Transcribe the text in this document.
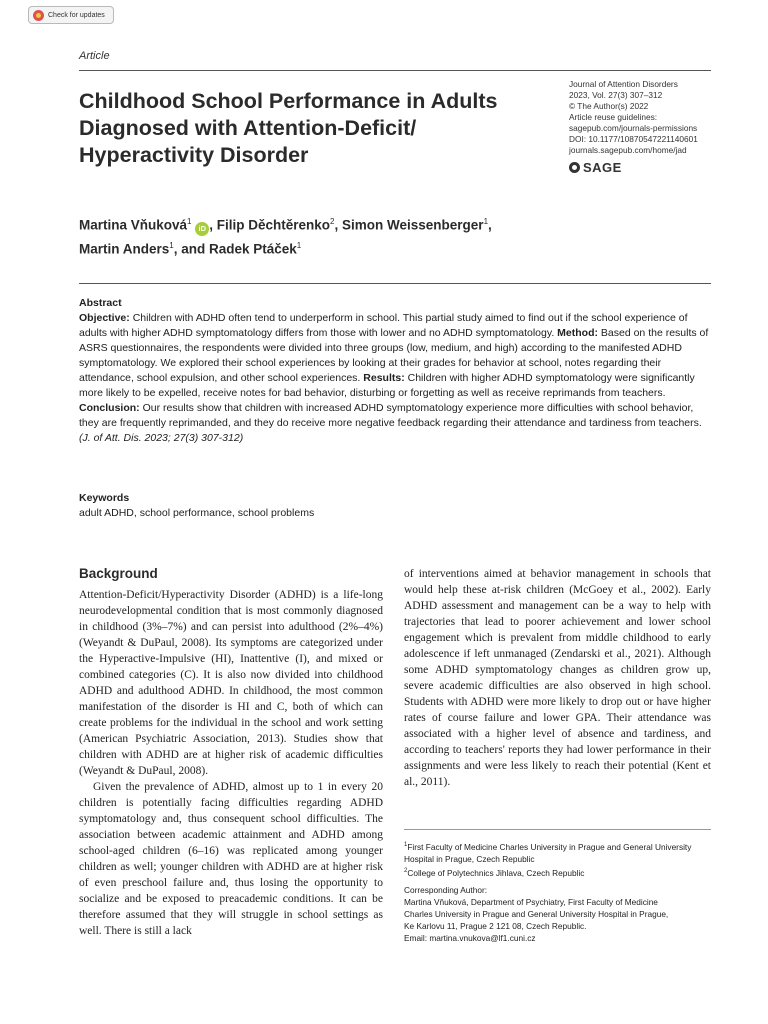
Check for updates
Article
Childhood School Performance in Adults Diagnosed with Attention-Deficit/ Hyperactivity Disorder
Journal of Attention Disorders
2023, Vol. 27(3) 307–312
© The Author(s) 2022
Article reuse guidelines:
sagepub.com/journals-permissions
DOI: 10.1177/10870547221140601
journals.sagepub.com/home/jad
SAGE
Martina Vňuková$^1$ iD , Filip Děchtěrenko$^2$, Simon Weissenberger$^1$,
Martin Anders$^1$, and Radek Ptáček$^1$
Abstract
Objective: Children with ADHD often tend to underperform in school. This partial study aimed to find out if the school experience of adults with higher ADHD symptomatology differs from those with lower and no ADHD symptomatology. Method: Based on the results of ASRS questionnaires, the respondents were divided into three groups (low, medium, and high) according to the manifested ADHD symptomatology. We explored their school experiences by looking at their grades for behavior at school, notes regarding their attendance, school expulsion, and other school experiences. Results: Children with higher ADHD symptomatology were significantly more likely to be expelled, receive notes for bad behavior, disturbing or forgetting as well as receive reprimands from teachers. Conclusion: Our results show that children with increased ADHD symptomatology experience more difficulties with school behavior, they are frequently reprimanded, and they do receive more negative feedback regarding their attendance and tardiness from teachers. (J. of Att. Dis. 2023; 27(3) 307-312)
Keywords
adult ADHD, school performance, school problems
Background

Attention-Deficit/Hyperactivity Disorder (ADHD) is a life-long neurodevelopmental condition that is most commonly diagnosed in childhood (3%–7%) and can persist into adulthood (2%–4%) (Weyandt & DuPaul, 2008). Its symptoms are categorized under the Hyperactive-Impulsive (HI), Inattentive (I), and mixed or combined categories (C). It is also now divided into childhood ADHD and adulthood ADHD. In childhood, the most common manifestation of the disorder is HI and C, both of which can create problems for the individual in the school and work setting (American Psychiatric Association, 2013). Studies show that children with ADHD are at higher risk of academic difficulties (Weyandt & DuPaul, 2008).

Given the prevalence of ADHD, almost up to 1 in every 20 children is potentially facing difficulties regarding ADHD symptomatology and, thus consequent school difficulties. The association between academic attainment and ADHD among school-aged children (6–16) was replicated among younger children as well; younger children with ADHD are at higher risk of even preschool failure and, thus losing the opportunity to socialize and be exposed to preacademic conditions. It can be therefore assumed that they will struggle in school settings as well. There is still a lack

of interventions aimed at behavior management in schools that would help these at-risk children (McGoey et al., 2002). Early ADHD assessment and management can be a way to help with trajectories that lead to poorer achievement and lower school engagement which is prevalent from middle childhood to early adolescence if left unmanaged (Zendarski et al., 2021). Although some ADHD symptomatology changes as children grow up, severe academic difficulties are also observed in high school. Students with ADHD were more likely to drop out or have higher rates of course failure and lower GPA. Their attendance was associated with a higher level of absence and tardiness, and according to teachers' reports they had lower performance in their assignments and were less likely to reach their potential (Kent et al., 2011).

$^1$First Faculty of Medicine Charles University in Prague and General University Hospital in Prague, Czech Republic

$^2$College of Polytechnics Jihlava, Czech Republic

Corresponding Author:

Martina Vňuková, Department of Psychiatry, First Faculty of Medicine

Charles University in Prague and General University Hospital in Prague,

Ke Karlovu 11, Prague 2 121 08, Czech Republic.

Email: martina.vnukova@lf1.cuni.cz
